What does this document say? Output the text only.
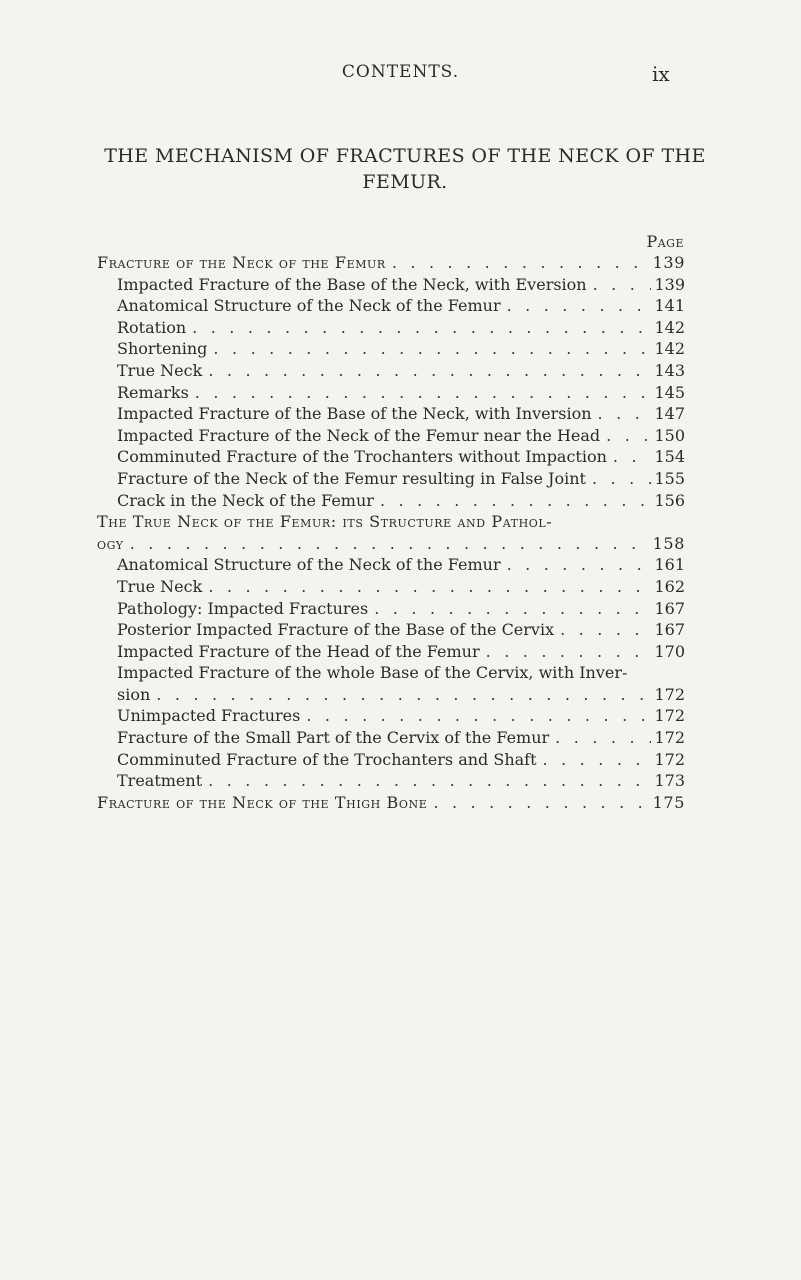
CONTENTS.	ix
THE MECHANISM OF FRACTURES OF THE NECK OF THE FEMUR.
Page
Fracture of the Neck of the Femur . . .	139
Impacted Fracture of the Base of the Neck, with Eversion . . .	139
Anatomical Structure of the Neck of the Femur . . .	141
Rotation . . .	142
Shortening . . .	142
True Neck . . .	143
Remarks . . .	145
Impacted Fracture of the Base of the Neck, with Inversion . . .	147
Impacted Fracture of the Neck of the Femur near the Head . . .	150
Comminuted Fracture of the Trochanters without Impaction . . .	154
Fracture of the Neck of the Femur resulting in False Joint . . .	155
Crack in the Neck of the Femur . . .	156
The True Neck of the Femur: its Structure and Pathol-
ogy . . .	158
Anatomical Structure of the Neck of the Femur . . .	161
True Neck . . .	162
Pathology: Impacted Fractures . . .	167
Posterior Impacted Fracture of the Base of the Cervix . . .	167
Impacted Fracture of the Head of the Femur . . .	170
Impacted Fracture of the whole Base of the Cervix, with Inver-
sion . . .	172
Unimpacted Fractures . . .	172
Fracture of the Small Part of the Cervix of the Femur . . .	172
Comminuted Fracture of the Trochanters and Shaft . . .	172
Treatment . . .	173
Fracture of the Neck of the Thigh Bone . . .	175
